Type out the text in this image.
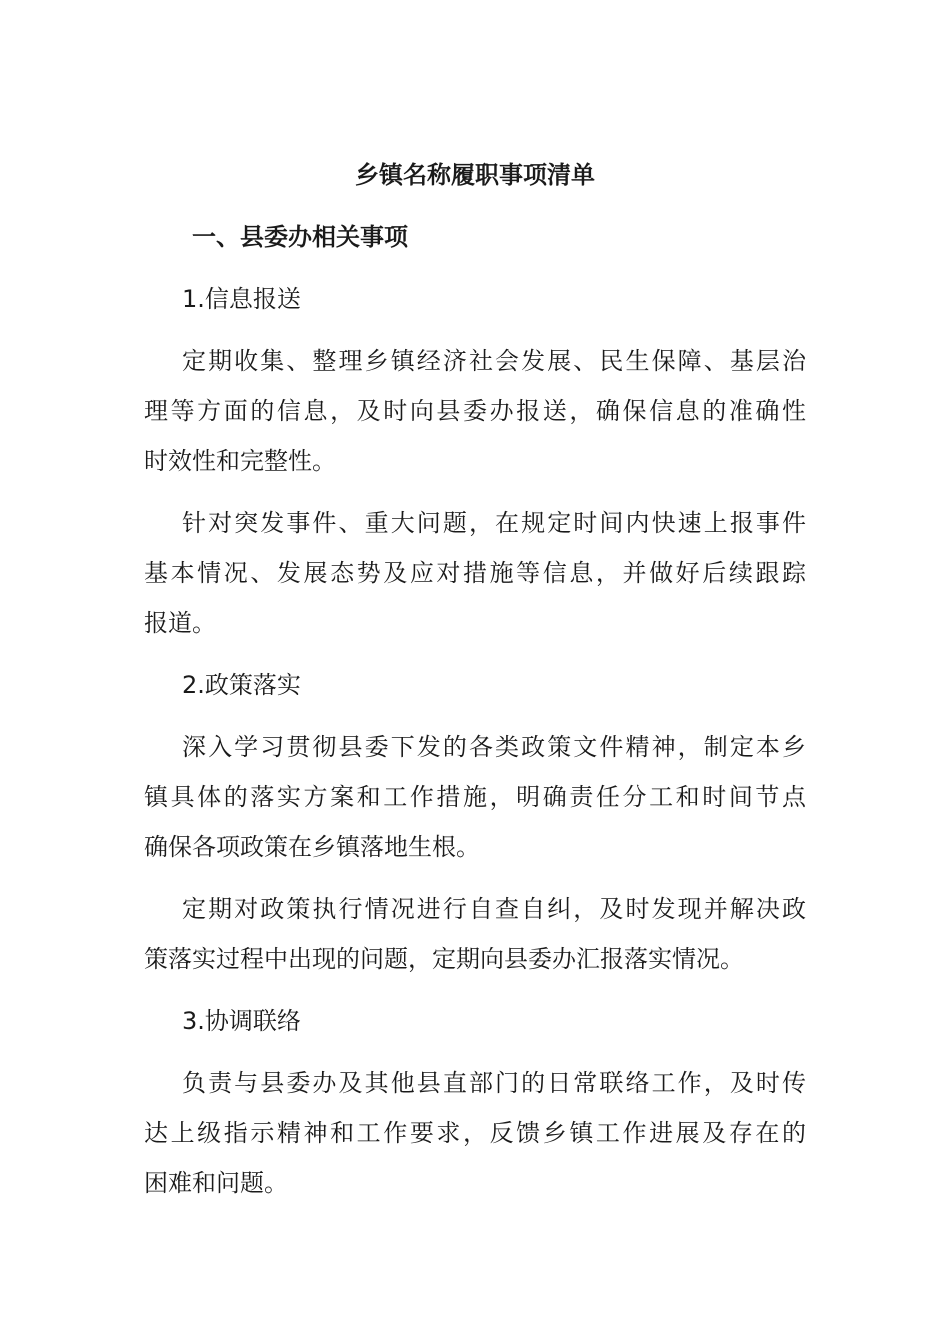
乡镇名称履职事项清单
一、县委办相关事项
1.信息报送

定期收集、整理乡镇经济社会发展、民生保障、基层治
理等方面的信息，及时向县委办报送，确保信息的准确性
时效性和完整性。

针对突发事件、重大问题，在规定时间内快速上报事件
基本情况、发展态势及应对措施等信息，并做好后续跟踪
报道。

2.政策落实

深入学习贯彻县委下发的各类政策文件精神，制定本乡
镇具体的落实方案和工作措施，明确责任分工和时间节点
确保各项政策在乡镇落地生根。

定期对政策执行情况进行自查自纠，及时发现并解决政
策落实过程中出现的问题，定期向县委办汇报落实情况。

3.协调联络

负责与县委办及其他县直部门的日常联络工作，及时传
达上级指示精神和工作要求，反馈乡镇工作进展及存在的
困难和问题。
